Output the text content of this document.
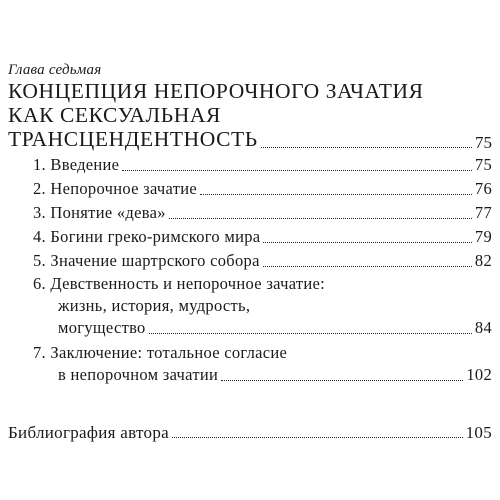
Глава седьмая
КОНЦЕПЦИЯ НЕПОРОЧНОГО ЗАЧАТИЯ
КАК СЕКСУАЛЬНАЯ
ТРАНСЦЕНДЕНТНОСТЬ	75
1. Введение	75
2. Непорочное зачатие	76
3. Понятие «дева»	77
4. Богини греко-римского мира	79
5. Значение шартрского собора	82
6. Девственность и непорочное зачатие:
жизнь, история, мудрость,
могущество	84
7. Заключение: тотальное согласие
в непорочном зачатии	102
Библиография автора	105
